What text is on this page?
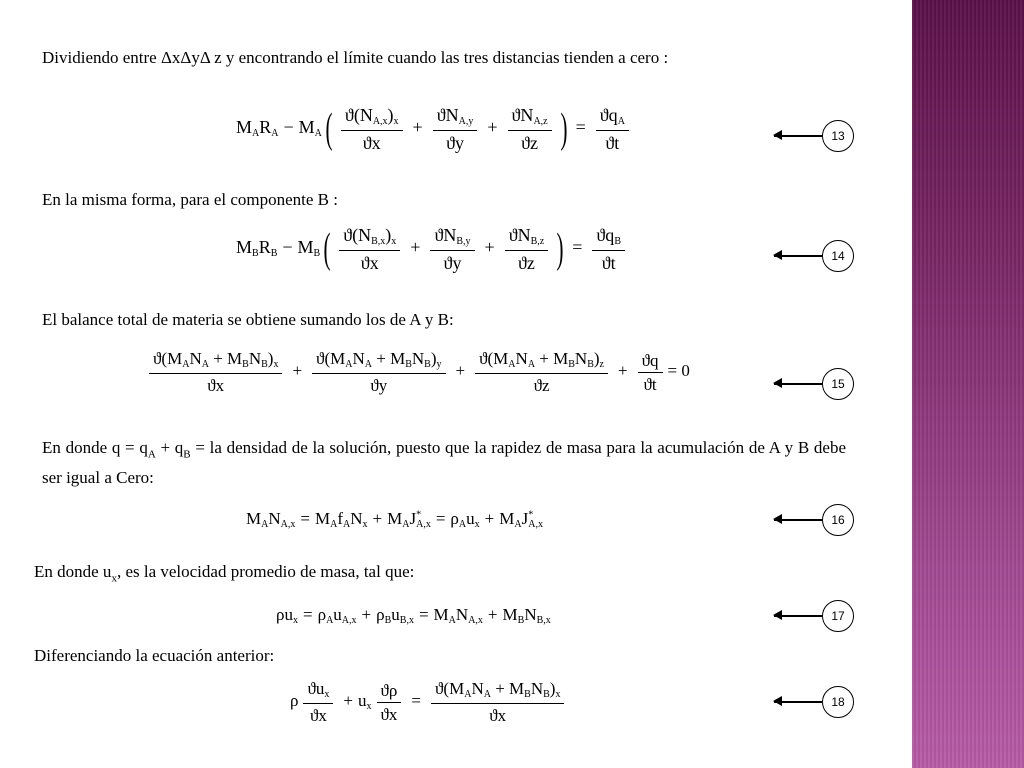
Dividiendo entre ΔxΔyΔ z y encontrando el límite cuando las tres distancias tienden a cero :

$M_AR_A - M_A( \frac{ϑ(N_{A,x})_x}{ϑx} + \frac{ϑN_{A,y}}{ϑy} + \frac{ϑN_{A,z}}{ϑz}$ ) = $\frac{ϑq_A}{ϑt}$	13

En la misma forma, para el componente B :

$M_BR_B - M_B( \frac{ϑ(N_{B,x})_x}{ϑx} + \frac{ϑN_{B,y}}{ϑy} + \frac{ϑN_{B,z}}{ϑz}$ ) = $\frac{ϑq_B}{ϑt}$	14

El balance total de materia se obtiene sumando los de A y B:

$\frac{ϑ(M_AN_A + M_BN_B)_x}{ϑx} + \frac{ϑ(M_AN_A + M_BN_B)_y}{ϑy} + \frac{ϑ(M_AN_A + M_BN_B)_z}{ϑz} + \frac{ϑq}{ϑt} = 0$
15

En donde $q = q_A + q_B$ = la densidad de la solución, puesto que la rapidez de masa para la acumulación de A y B debe ser igual a Cero:

$M_AN_{A,x} = M_Af_AN_x + M_AJ^*_{A,x} = \rho_Au_x + M_AJ^*_{A,x}$	16

En donde $u_x$, es la velocidad promedio de masa, tal que:

$\rho u_x = \rho_Au_{A,x} + \rho_Bu_{B,x} = M_AN_{A,x} + M_BN_{B,x}$	17

Diferenciando la ecuación anterior:

ρ $\frac{ϑu_x}{ϑx} + u_x \frac{ϑ\rho}{ϑx} = \frac{ϑ(M_AN_A + M_BN_B)_x}{ϑx}$	18
